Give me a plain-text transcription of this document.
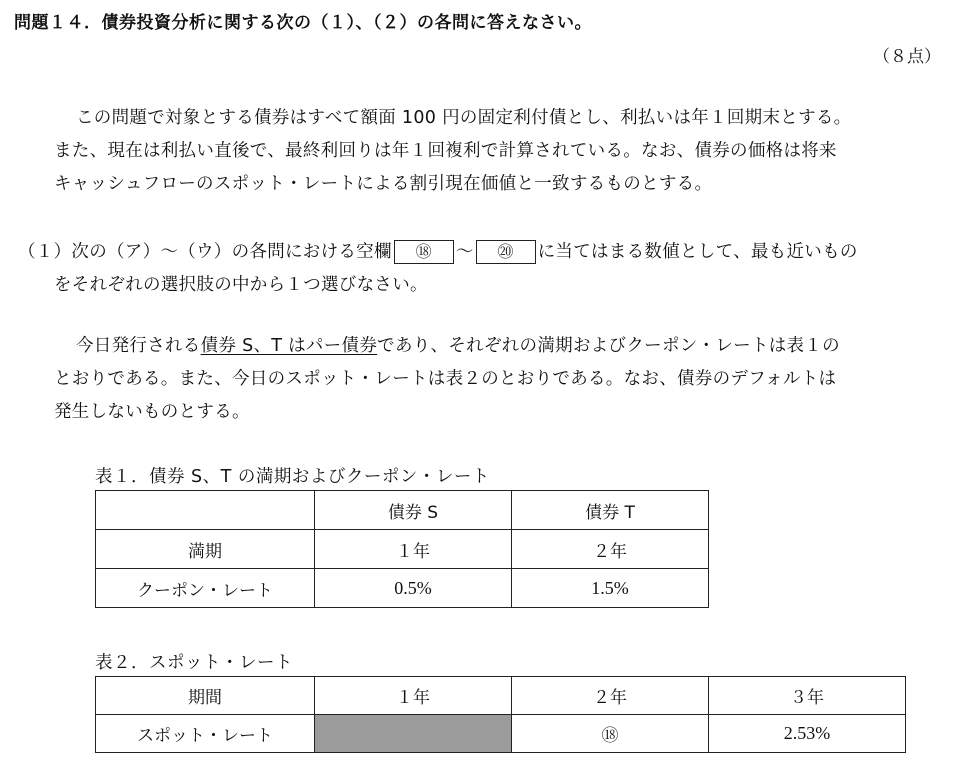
問題１４．債券投資分析に関する次の（１）、（２）の各問に答えなさい。
（８点）
この問題で対象とする債券はすべて額面 100 円の固定利付債とし、利払いは年１回期末とする。
また、現在は利払い直後で、最終利回りは年１回複利で計算されている。なお、債券の価格は将来
キャッシュフローのスポット・レートによる割引現在価値と一致するものとする。
（１）次の（ア）～（ウ）の各問における空欄 ⑱ ～ ⑳ に当てはまる数値として、最も近いもの
をそれぞれの選択肢の中から１つ選びなさい。
今日発行される債券 S、T はパー債券であり、それぞれの満期およびクーポン・レートは表１の
とおりである。また、今日のスポット・レートは表２のとおりである。なお、債券のデフォルトは
発生しないものとする。
表１．債券 S、T の満期およびクーポン・レート
	債券 S	債券 T
満期	１年	２年
クーポン・レート	0.5%	1.5%
表２．スポット・レート
期間	１年	２年	３年
スポット・レート		⑱	2.53%
